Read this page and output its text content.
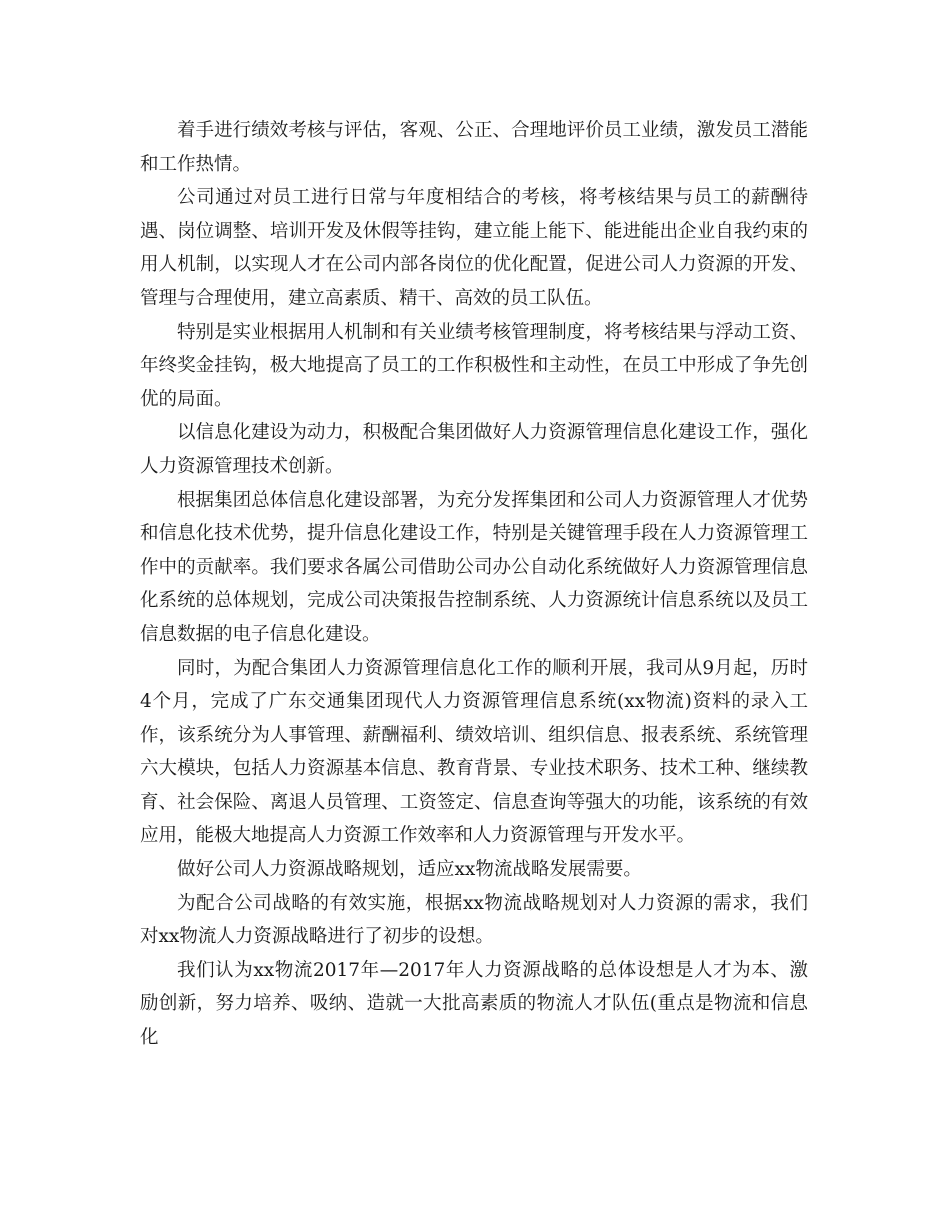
着手进行绩效考核与评估，客观、公正、合理地评价员工业绩，激发员工潜能和工作热情。

公司通过对员工进行日常与年度相结合的考核，将考核结果与员工的薪酬待遇、岗位调整、培训开发及休假等挂钩，建立能上能下、能进能出企业自我约束的用人机制，以实现人才在公司内部各岗位的优化配置，促进公司人力资源的开发、管理与合理使用，建立高素质、精干、高效的员工队伍。

特别是实业根据用人机制和有关业绩考核管理制度，将考核结果与浮动工资、年终奖金挂钩，极大地提高了员工的工作积极性和主动性，在员工中形成了争先创优的局面。

以信息化建设为动力，积极配合集团做好人力资源管理信息化建设工作，强化人力资源管理技术创新。

根据集团总体信息化建设部署，为充分发挥集团和公司人力资源管理人才优势和信息化技术优势，提升信息化建设工作，特别是关键管理手段在人力资源管理工作中的贡献率。我们要求各属公司借助公司办公自动化系统做好人力资源管理信息化系统的总体规划，完成公司决策报告控制系统、人力资源统计信息系统以及员工信息数据的电子信息化建设。

同时，为配合集团人力资源管理信息化工作的顺利开展，我司从9月起，历时4个月，完成了广东交通集团现代人力资源管理信息系统(xx物流)资料的录入工作，该系统分为人事管理、薪酬福利、绩效培训、组织信息、报表系统、系统管理六大模块，包括人力资源基本信息、教育背景、专业技术职务、技术工种、继续教育、社会保险、离退人员管理、工资签定、信息查询等强大的功能，该系统的有效应用，能极大地提高人力资源工作效率和人力资源管理与开发水平。

做好公司人力资源战略规划，适应xx物流战略发展需要。

为配合公司战略的有效实施，根据xx物流战略规划对人力资源的需求，我们对xx物流人力资源战略进行了初步的设想。

我们认为xx物流2017年—2017年人力资源战略的总体设想是人才为本、激励创新，努力培养、吸纳、造就一大批高素质的物流人才队伍(重点是物流和信息化
